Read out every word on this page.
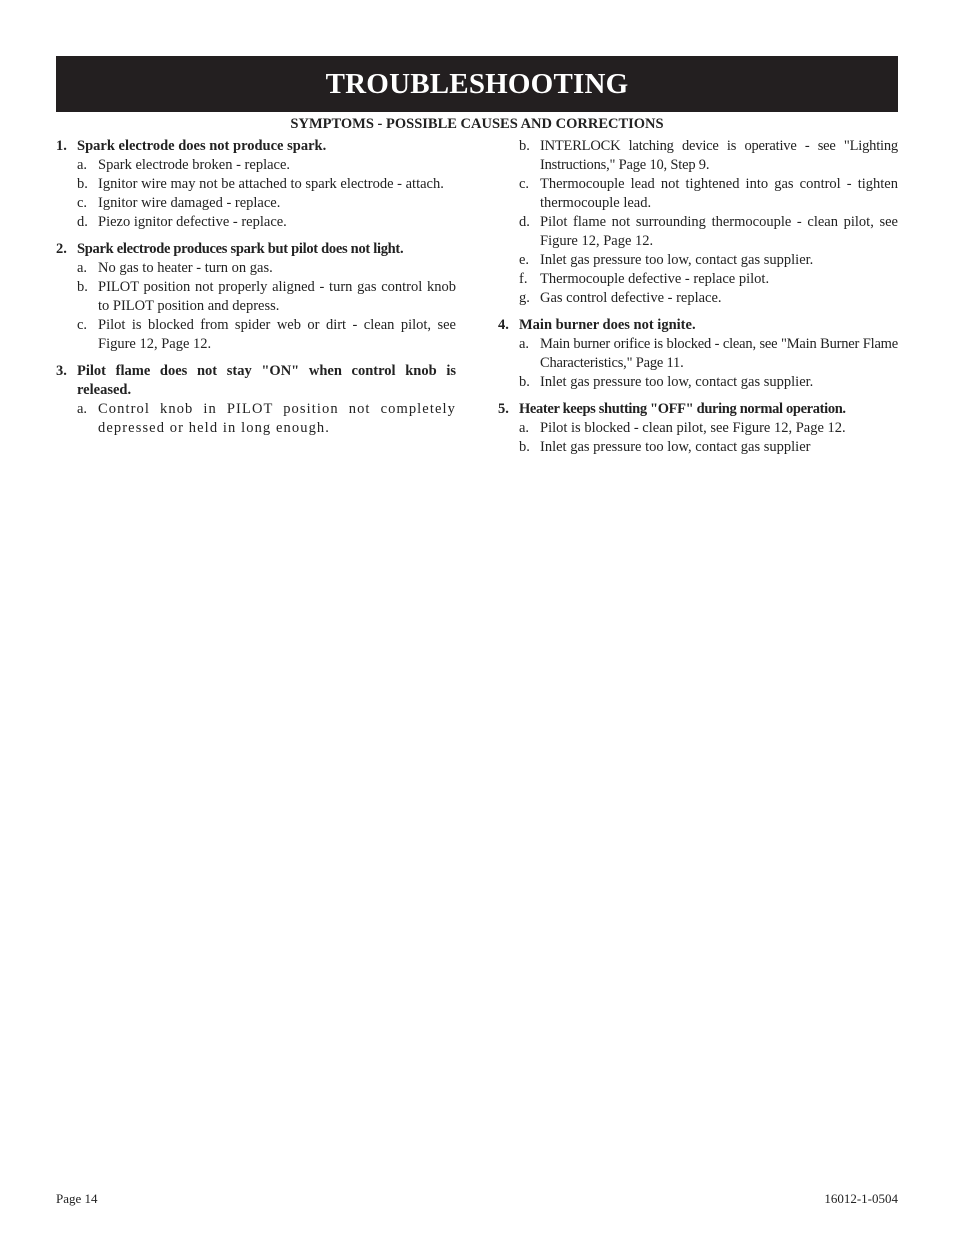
TROUBLESHOOTING
SYMPTOMS - POSSIBLE CAUSES AND CORRECTIONS
1. Spark electrode does not produce spark.
a. Spark electrode broken - replace.
b. Ignitor wire may not be attached to spark electrode - attach.
c. Ignitor wire damaged - replace.
d. Piezo ignitor defective - replace.
2. Spark electrode produces spark but pilot does not light.
a. No gas to heater - turn on gas.
b. PILOT position not properly aligned - turn gas control knob to PILOT position and depress.
c. Pilot is blocked from spider web or dirt - clean pilot, see Figure 12, Page 12.
3. Pilot flame does not stay "ON" when control knob is released.
a. Control knob in PILOT position not completely depressed or held in long enough.
b. INTERLOCK latching device is operative - see "Lighting Instructions," Page 10, Step 9.
c. Thermocouple lead not tightened into gas control - tighten thermocouple lead.
d. Pilot flame not surrounding thermocouple - clean pilot, see Figure 12, Page 12.
e. Inlet gas pressure too low, contact gas supplier.
f. Thermocouple defective - replace pilot.
g. Gas control defective - replace.
4. Main burner does not ignite.
a. Main burner orifice is blocked - clean, see "Main Burner Flame Characteristics," Page 11.
b. Inlet gas pressure too low, contact gas supplier.
5. Heater keeps shutting "OFF" during normal operation.
a. Pilot is blocked - clean pilot, see Figure 12, Page 12.
b. Inlet gas pressure too low, contact gas supplier
Page 14	16012-1-0504
